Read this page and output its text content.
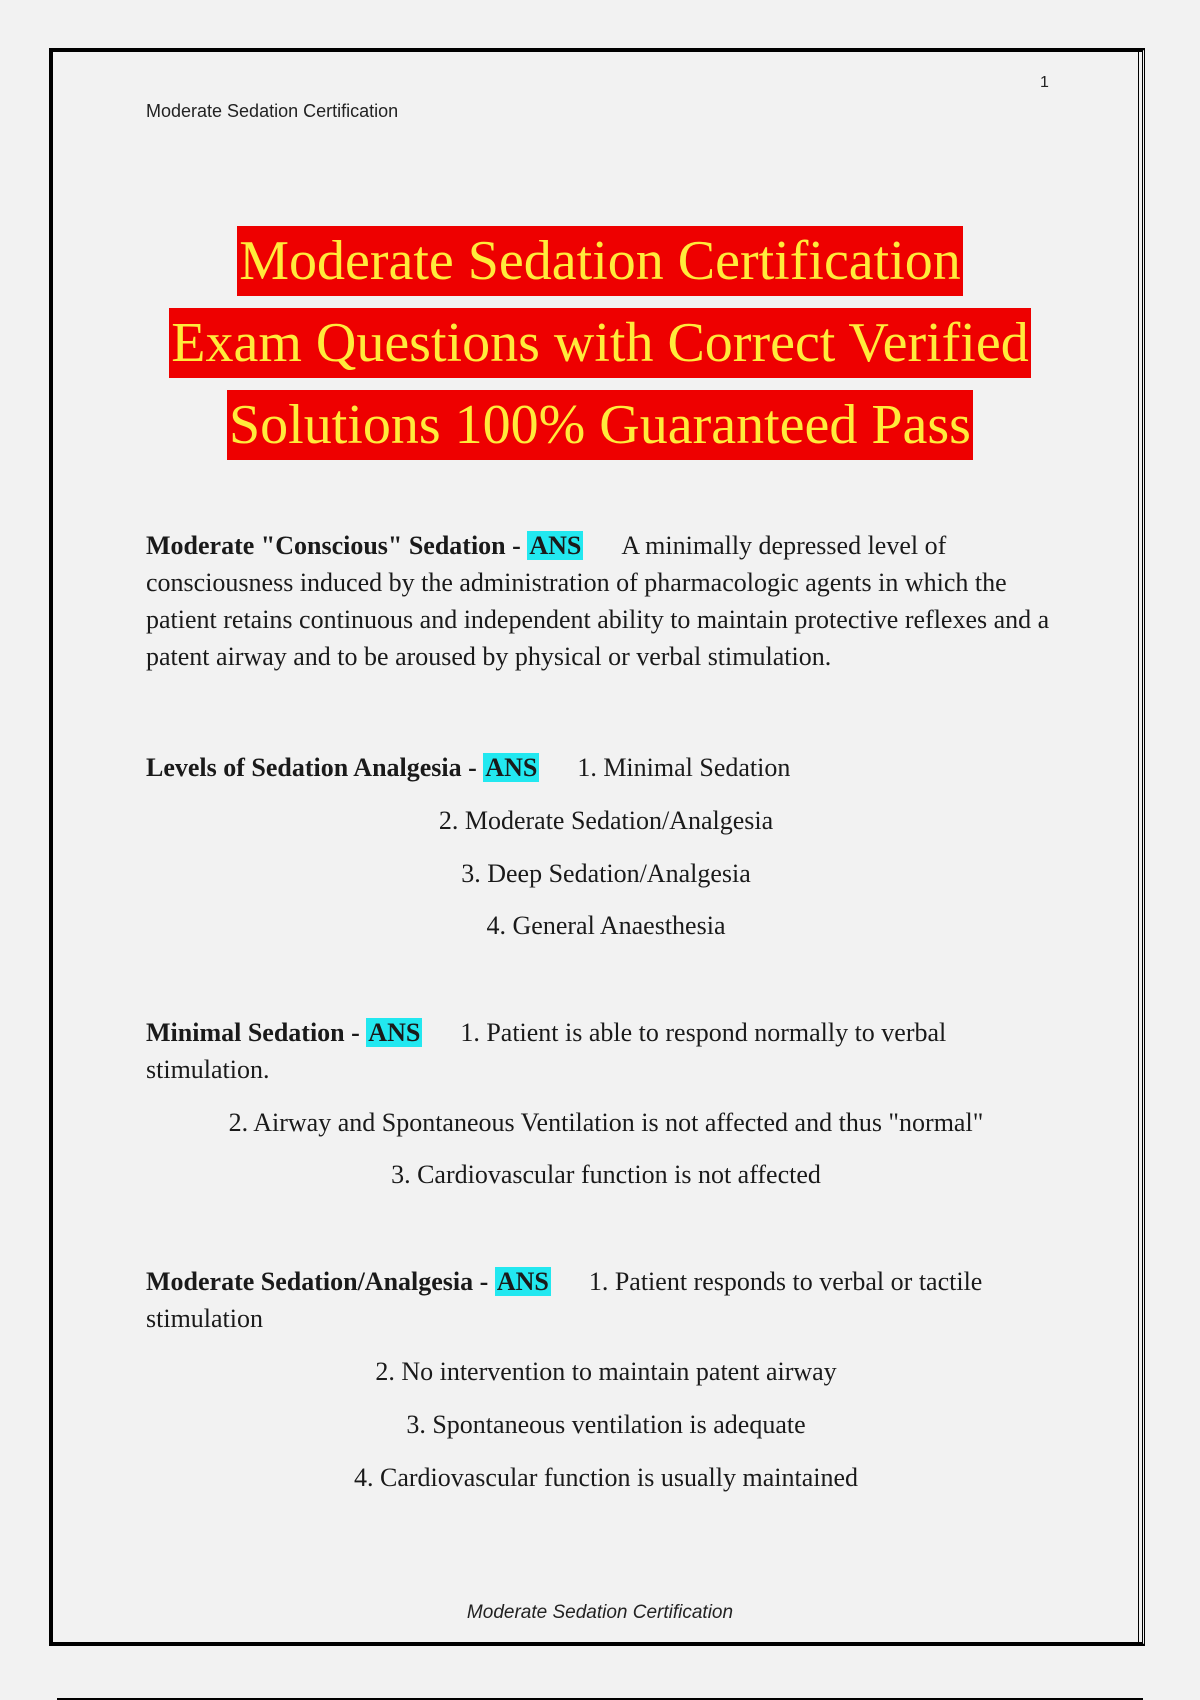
1
Moderate Sedation Certification
Moderate Sedation Certification
Exam Questions with Correct Verified
Solutions 100% Guaranteed Pass

Moderate "Conscious" Sedation - ANS A minimally depressed level of consciousness induced by the administration of pharmacologic agents in which the patient retains continuous and independent ability to maintain protective reflexes and a patent airway and to be aroused by physical or verbal stimulation.

Levels of Sedation Analgesia - ANS 1. Minimal Sedation

2. Moderate Sedation/Analgesia

3. Deep Sedation/Analgesia

4. General Anaesthesia

Minimal Sedation - ANS 1. Patient is able to respond normally to verbal stimulation.

2. Airway and Spontaneous Ventilation is not affected and thus "normal"

3. Cardiovascular function is not affected

Moderate Sedation/Analgesia - ANS 1. Patient responds to verbal or tactile stimulation

2. No intervention to maintain patent airway

3. Spontaneous ventilation is adequate

4. Cardiovascular function is usually maintained

Moderate Sedation Certification
